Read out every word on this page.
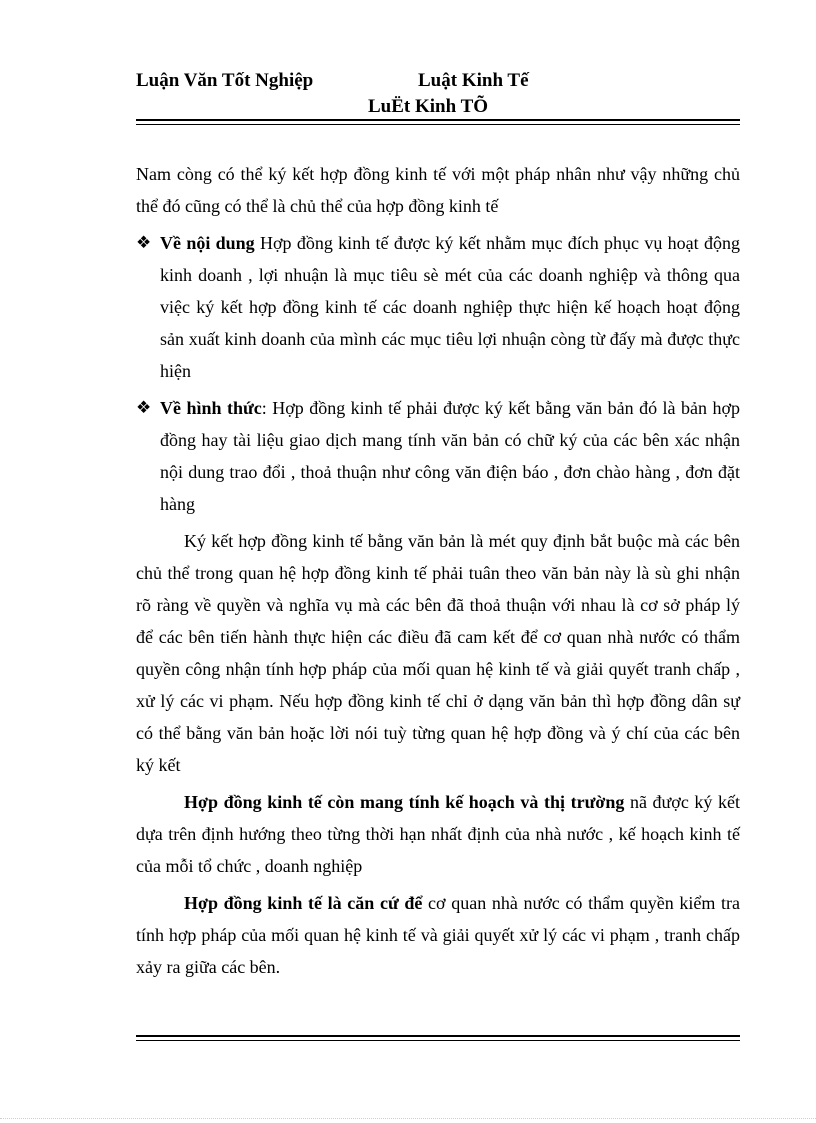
Luận Văn Tốt Nghiệp	Luật Kinh Tế
LuËt Kinh TÕ

Nam còng có thể ký kết hợp đồng kinh tế với một pháp nhân như vậy những chủ thể đó cũng có thể là chủ thể của hợp đồng kinh tế

❖ Về nội dung Hợp đồng kinh tế được ký kết nhằm mục đích phục vụ hoạt động kinh doanh , lợi nhuận là mục tiêu sè mét của các doanh nghiệp và thông qua việc ký kết hợp đồng kinh tế các doanh nghiệp thực hiện kế hoạch hoạt động sản xuất kinh doanh của mình các mục tiêu lợi nhuận còng từ đấy mà được thực hiện

❖ Về hình thức: Hợp đồng kinh tế phải được ký kết bằng văn bản đó là bản hợp đồng hay tài liệu giao dịch mang tính văn bản có chữ ký của các bên xác nhận nội dung trao đổi , thoả thuận như công văn điện báo , đơn chào hàng , đơn đặt hàng

Ký kết hợp đồng kinh tế bằng văn bản là mét quy định bắt buộc mà các bên chủ thể trong quan hệ hợp đồng kinh tế phải tuân theo văn bản này là sù ghi nhận rõ ràng về quyền và nghĩa vụ mà các bên đã thoả thuận với nhau là cơ sở pháp lý để các bên tiến hành thực hiện các điều đã cam kết để cơ quan nhà nước có thẩm quyền công nhận tính hợp pháp của mối quan hệ kinh tế và giải quyết tranh chấp , xử lý các vi phạm. Nếu hợp đồng kinh tế chỉ ở dạng văn bản thì hợp đồng dân sự có thể bằng văn bản hoặc lời nói tuỳ từng quan hệ hợp đồng và ý chí của các bên ký kết

Hợp đồng kinh tế còn mang tính kế hoạch và thị trường nã được ký kết dựa trên định hướng theo từng thời hạn nhất định của nhà nước , kế hoạch kinh tế của mỗi tổ chức , doanh nghiệp

Hợp đồng kinh tế là căn cứ để cơ quan nhà nước có thẩm quyền kiểm tra tính hợp pháp của mối quan hệ kinh tế và giải quyết xử lý các vi phạm , tranh chấp xảy ra giữa các bên.
